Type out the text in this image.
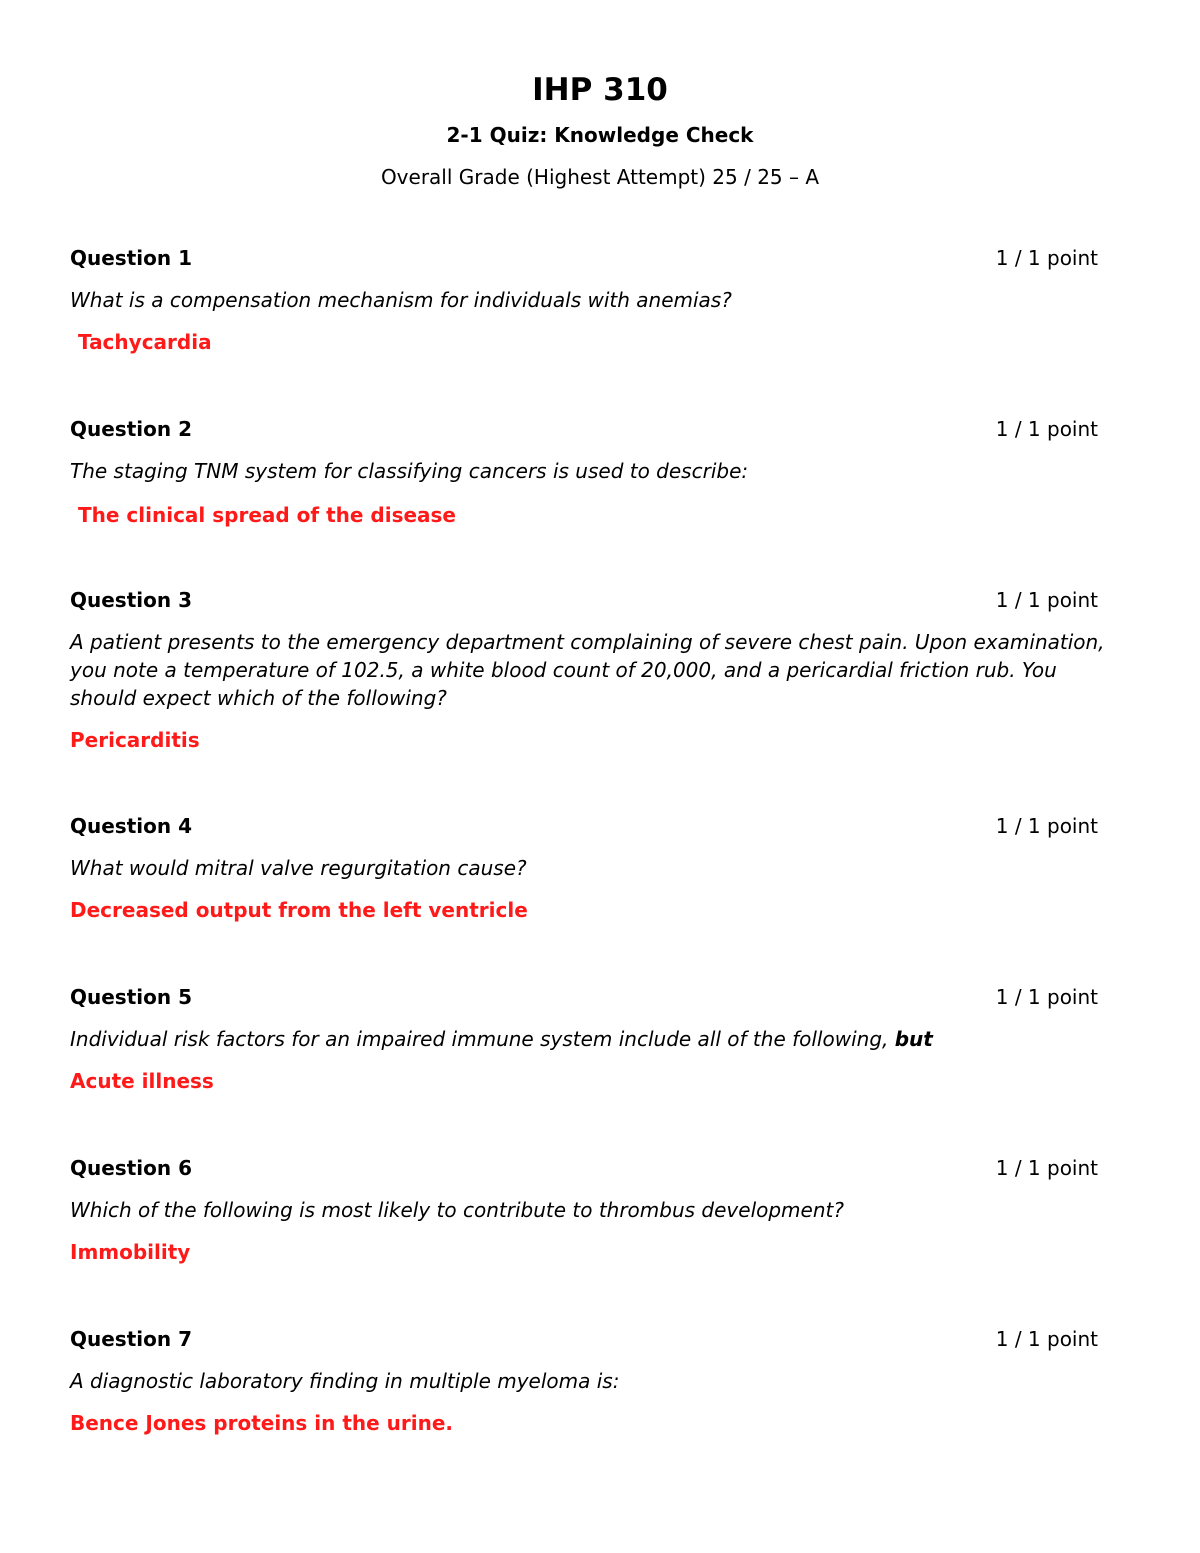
IHP 310
2-1 Quiz: Knowledge Check
Overall Grade (Highest Attempt) 25 / 25 – A
Question 1	1 / 1 point
What is a compensation mechanism for individuals with anemias?
Tachycardia
Question 2	1 / 1 point
The staging TNM system for classifying cancers is used to describe:
The clinical spread of the disease
Question 3	1 / 1 point
A patient presents to the emergency department complaining of severe chest pain. Upon examination, you note a temperature of 102.5, a white blood count of 20,000, and a pericardial friction rub. You should expect which of the following?
Pericarditis
Question 4	1 / 1 point
What would mitral valve regurgitation cause?
Decreased output from the left ventricle
Question 5	1 / 1 point
Individual risk factors for an impaired immune system include all of the following, but
Acute illness
Question 6	1 / 1 point
Which of the following is most likely to contribute to thrombus development?
Immobility
Question 7	1 / 1 point
A diagnostic laboratory finding in multiple myeloma is:
Bence Jones proteins in the urine.
